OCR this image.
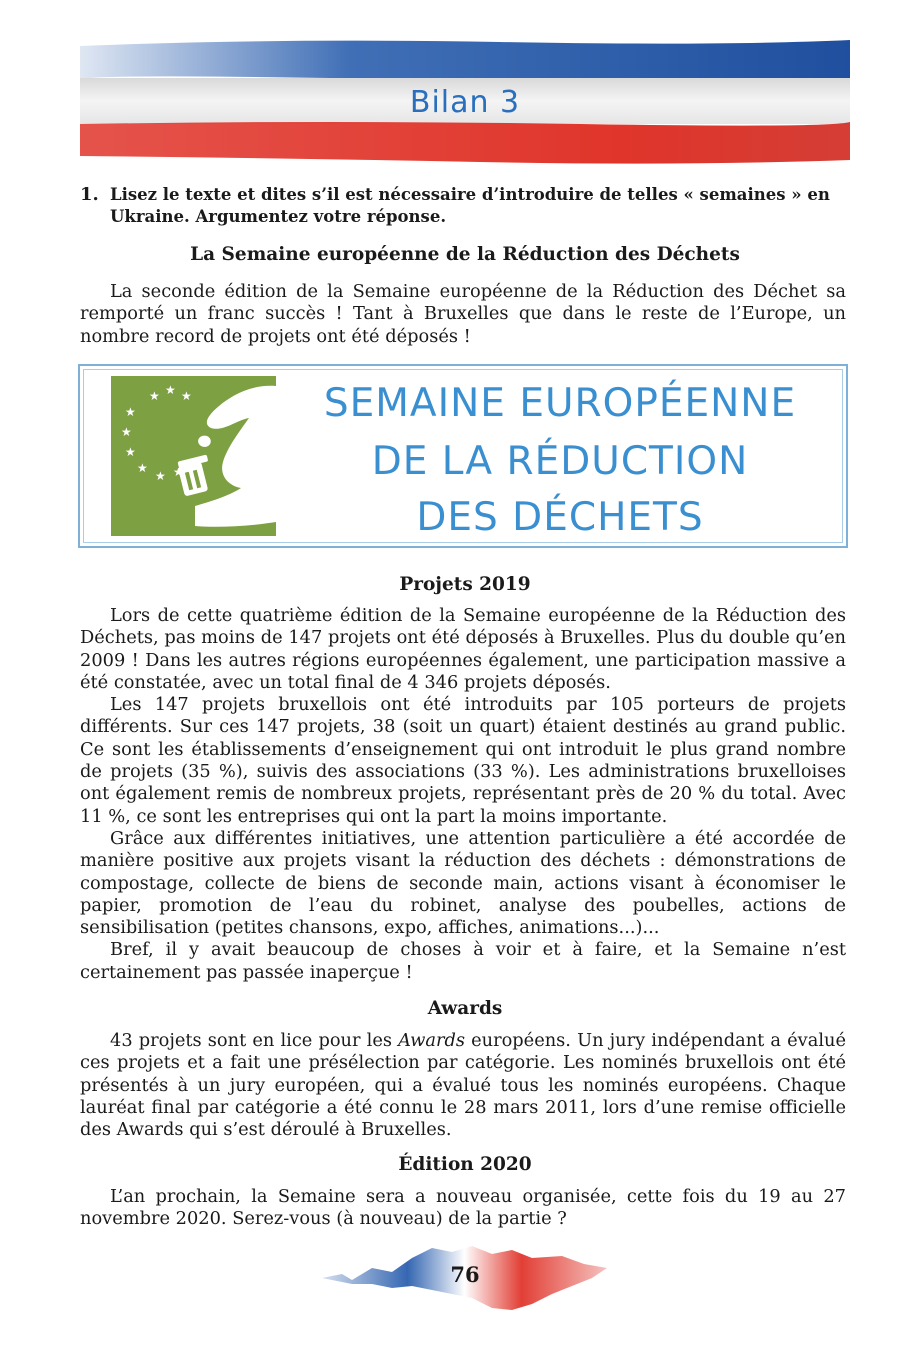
Bilan 3
1. Lisez le texte et dites s’il est nécessaire d’introduire de telles « semaines » en Ukraine. Argumentez votre réponse.
La Semaine européenne de la Réduction des Déchets

La seconde édition de la Semaine européenne de la Réduction des Déchet sa remporté un franc succès ! Tant à Bruxelles que dans le reste de l’Europe, un nombre record de projets ont été déposés !

★ ★ ★
★
★
★
★
★ ★
SEMAINE EUROPÉENNE
DE LA RÉDUCTION
DES DÉCHETS
Projets 2019

Lors de cette quatrième édition de la Semaine européenne de la Réduction des Déchets, pas moins de 147 projets ont été déposés à Bruxelles. Plus du double qu’en 2009 ! Dans les autres régions européennes également, une participation massive a été constatée, avec un total final de 4 346 projets déposés.

Les 147 projets bruxellois ont été introduits par 105 porteurs de projets différents. Sur ces 147 projets, 38 (soit un quart) étaient destinés au grand public. Ce sont les établissements d’enseignement qui ont introduit le plus grand nombre de projets (35 %), suivis des associations (33 %). Les administrations bruxelloises ont également remis de nombreux projets, représentant près de 20 % du total. Avec 11 %, ce sont les entreprises qui ont la part la moins importante.

Grâce aux différentes initiatives, une attention particulière a été accordée de manière positive aux projets visant la réduction des déchets : démonstrations de compostage, collecte de biens de seconde main, actions visant à économiser le papier, promotion de l’eau du robinet, analyse des poubelles, actions de sensibilisation (petites chansons, expo, affiches, animations...)...

Bref, il y avait beaucoup de choses à voir et à faire, et la Semaine n’est certainement pas passée inaperçue !

Awards

43 projets sont en lice pour les Awards européens. Un jury indépendant a évalué ces projets et a fait une présélection par catégorie. Les nominés bruxellois ont été présentés à un jury européen, qui a évalué tous les nominés européens. Chaque lauréat final par catégorie a été connu le 28 mars 2011, lors d’une remise officielle des Awards qui s’est déroulé à Bruxelles.

Édition 2020

L’an prochain, la Semaine sera a nouveau organisée, cette fois du 19 au 27 novembre 2020. Serez-vous (à nouveau) de la partie ?

76
